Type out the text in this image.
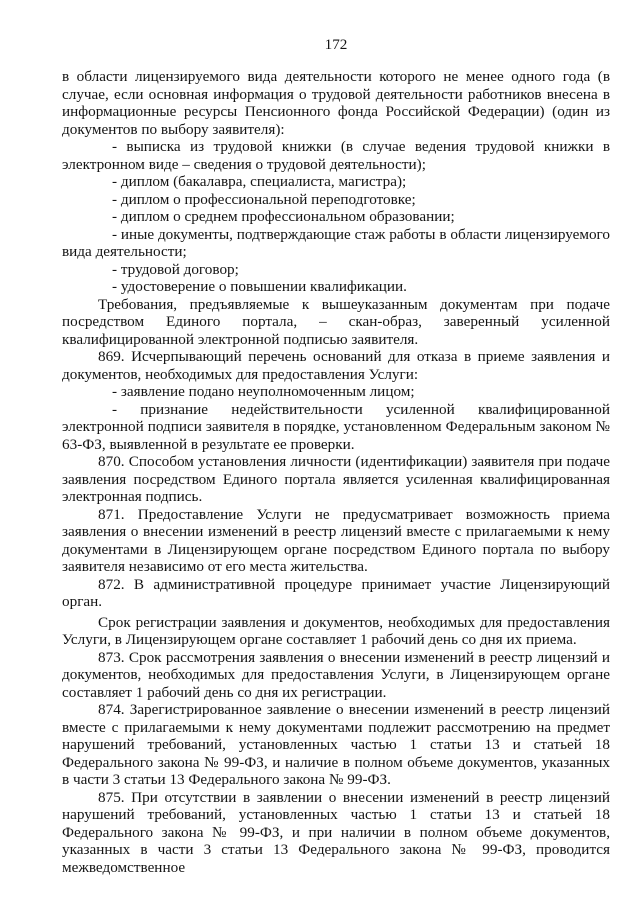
172

в области лицензируемого вида деятельности которого не менее одного года (в случае, если основная информация о трудовой деятельности работников внесена в информационные ресурсы Пенсионного фонда Российской Федерации) (один из документов по выбору заявителя):

- выписка из трудовой книжки (в случае ведения трудовой книжки в электронном виде – сведения о трудовой деятельности);

- диплом (бакалавра, специалиста, магистра);

- диплом о профессиональной переподготовке;

- диплом о среднем профессиональном образовании;

- иные документы, подтверждающие стаж работы в области лицензируемого вида деятельности;

- трудовой договор;

- удостоверение о повышении квалификации.

Требования, предъявляемые к вышеуказанным документам при подаче посредством Единого портала, – скан-образ, заверенный усиленной квалифицированной электронной подписью заявителя.

869. Исчерпывающий перечень оснований для отказа в приеме заявления и документов, необходимых для предоставления Услуги:

- заявление подано неуполномоченным лицом;

- признание недействительности усиленной квалифицированной электронной подписи заявителя в порядке, установленном Федеральным законом № 63-ФЗ, выявленной в результате ее проверки.

870. Способом установления личности (идентификации) заявителя при подаче заявления посредством Единого портала является усиленная квалифицированная электронная подпись.

871. Предоставление Услуги не предусматривает возможность приема заявления о внесении изменений в реестр лицензий вместе с прилагаемыми к нему документами в Лицензирующем органе посредством Единого портала по выбору заявителя независимо от его места жительства.

872. В административной процедуре принимает участие Лицензирующий орган.

Срок регистрации заявления и документов, необходимых для предоставления Услуги, в Лицензирующем органе составляет 1 рабочий день со дня их приема.

873. Срок рассмотрения заявления о внесении изменений в реестр лицензий и документов, необходимых для предоставления Услуги, в Лицензирующем органе составляет 1 рабочий день со дня их регистрации.

874. Зарегистрированное заявление о внесении изменений в реестр лицензий вместе с прилагаемыми к нему документами подлежит рассмотрению на предмет нарушений требований, установленных частью 1 статьи 13 и статьей 18 Федерального закона № 99-ФЗ, и наличие в полном объеме документов, указанных в части 3 статьи 13 Федерального закона № 99-ФЗ.

875. При отсутствии в заявлении о внесении изменений в реестр лицензий нарушений требований, установленных частью 1 статьи 13 и статьей 18 Федерального закона № 99-ФЗ, и при наличии в полном объеме документов, указанных в части 3 статьи 13 Федерального закона № 99-ФЗ, проводится межведомственное
